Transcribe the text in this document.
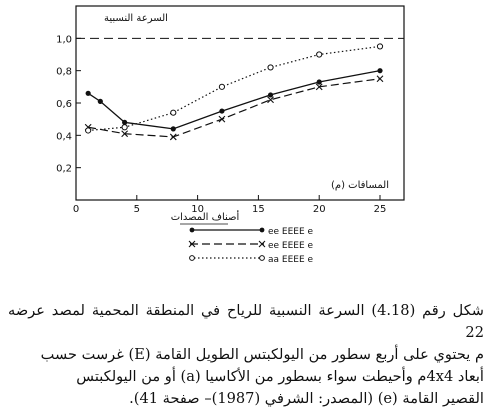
0,2
0,4
0,6
0,8
1,0
0	5	10	15	20	25
السرعة النسبية
المسافات (م)
أصناف المصدات
ee EEEE e
ee EEEE e
aa EEEE e
شكل رقم (4.18) السرعة النسبية للرياح في المنطقة المحمية لمصد عرضه 22
م يحتوي على أربع سطور من اليولكبتس الطويل القامة (E) غرست حسب
أبعاد 4x4م وأحيطت سواء بسطور من الأكاسيا (a) أو من اليولكبتس
القصير القامة (e) (المصدر: الشرفي (1987)– صفحة 41).
